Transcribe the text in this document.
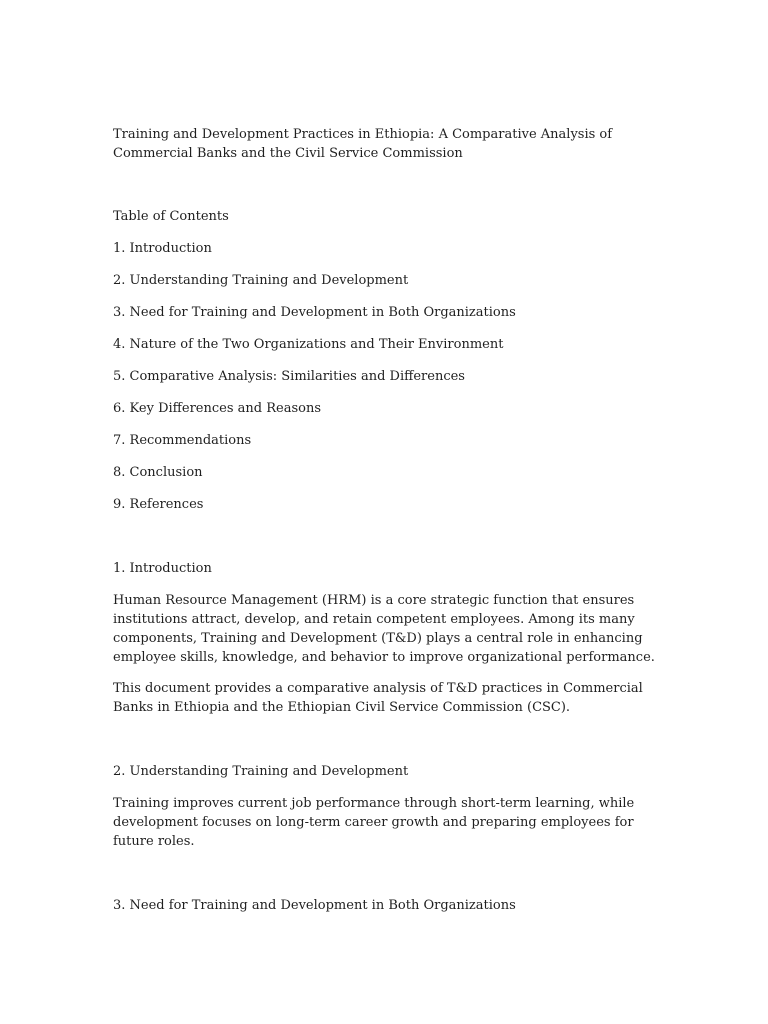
Training and Development Practices in Ethiopia: A Comparative Analysis of Commercial Banks and the Civil Service Commission

Table of Contents

1. Introduction
2. Understanding Training and Development
3. Need for Training and Development in Both Organizations
4. Nature of the Two Organizations and Their Environment
5. Comparative Analysis: Similarities and Differences
6. Key Differences and Reasons
7. Recommendations
8. Conclusion
9. References

1. Introduction

Human Resource Management (HRM) is a core strategic function that ensures institutions attract, develop, and retain competent employees. Among its many components, Training and Development (T&D) plays a central role in enhancing employee skills, knowledge, and behavior to improve organizational performance.

This document provides a comparative analysis of T&D practices in Commercial Banks in Ethiopia and the Ethiopian Civil Service Commission (CSC).

2. Understanding Training and Development

Training improves current job performance through short-term learning, while development focuses on long-term career growth and preparing employees for future roles.

3. Need for Training and Development in Both Organizations
